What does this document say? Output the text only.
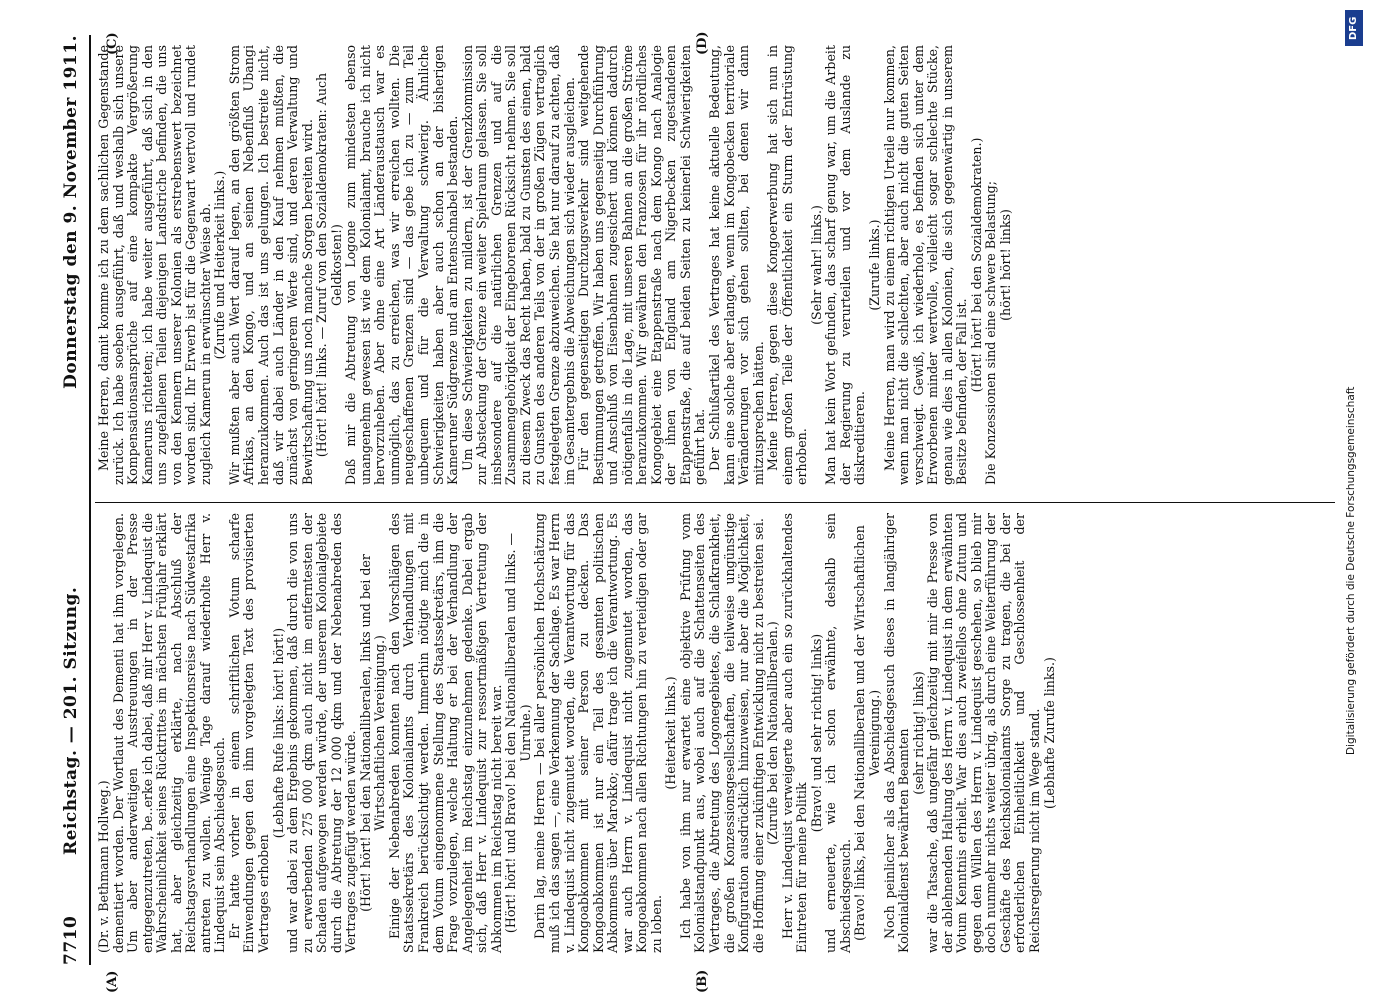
7710
Reichstag. — 201. Sitzung.
Donnerstag den 9. November 1911.
(A)	(B)
(C)	(D)

(Dr. v. Bethmann Hollweg.) dementiert worden. Der Wortlaut des Dementi hat ihm vorgelegen. Um aber anderweitigen Ausstreuungen in der Presse entgegenzutreten, be..erke ich dabei, daß mir Herr v. Lindequist die Wahrscheinlichkeit seines Rücktrittes im nächsten Frühjahr erklärt hat, aber gleichzeitig erklärte, nach Abschluß der Reichstagsverhandlungen eine Inspektionsreise nach Südwestafrika antreten zu wollen. Wenige Tage darauf wiederholte Herr v. Lindequist sein Abschiedsgesuch. Er hatte vorher in einem schriftlichen Votum scharfe Einwendungen gegen den ihm vorgelegten Text des provisierten Vertrages erhoben

(Lebhafte Rufe links: hört! hört!) und war dabei zu dem Ergebnis gekommen, daß durch die von uns zu erwerbenden 275 000 qkm auch nicht im entferntesten der Schaden aufgewogen werden würde, der unserem Kolonialgebiete durch die Abtretung der 12 000 qkm und der Nebenabreden des Vertrages zugefügt werden würde. (Hört! hört! bei den Nationalliberalen, links und bei der Wirtschaftlichen Vereinigung.) Einige der Nebenabreden konnten nach den Vorschlägen des Staatssekretärs des Kolonialamts durch Verhandlungen mit Frankreich berücksichtigt werden. Immerhin nötigte mich die in dem Votum eingenommene Stellung des Staatssekretärs, ihm die Frage vorzulegen, welche Haltung er bei der Verhandlung der Angelegenheit im Reichstag einzunehmen gedenke. Dabei ergab sich, daß Herr v. Lindequist zur ressortmäßigen Vertretung der Abkommen im Reichstag nicht bereit war. (Hört! hört! und Bravo! bei den Nationalliberalen und links. — Unruhe.) Darin lag, meine Herren — bei aller persönlichen Hochschätzung muß ich das sagen —, eine Verkennung der Sachlage. Es war Herrn v. Lindequist nicht zugemutet worden, die Verantwortung für das Kongoabkommen mit seiner Person zu decken. Das Kongoabkommen ist nur ein Teil des gesamten politischen Abkommens über Marokko; dafür trage ich die Verantwortung. Es war auch Herrn v. Lindequist nicht zugemutet worden, das Kongoabkommen nach allen Richtungen hin zu verteidigen oder gar zu loben.

(Heiterkeit links.) Ich habe von ihm nur erwartet eine objektive Prüfung vom Kolonialstandpunkt aus, wobei auch auf die Schattenseiten des Vertrages, die Abtretung des Logonegebietes, die Schlafkrankheit, die großen Konzessionsgesellschaften, die teilweise ungünstige Konfiguration ausdrücklich hinzuweisen, nur aber die Möglichkeit, die Hoffnung einer zukünftigen Entwicklung nicht zu bestreiten sei. (Zurufe bei den Nationalliberalen.) Herr v. Lindequist verweigerte aber auch ein so zurückhaltendes Eintreten für meine Politik

(Bravo! und sehr richtig! links) und erneuerte, wie ich schon erwähnte, deshalb sein Abschiedsgesuch. (Bravo! links, bei den Nationalliberalen und der Wirtschaftlichen Vereinigung.) Noch peinlicher als das Abschiedsgesuch dieses in langjähriger Kolonialdienst bewährten Beamten (sehr richtig! links) war die Tatsache, daß ungefähr gleichzeitig mit mir die Presse von der ablehnenden Haltung des Herrn v. Lindequist in dem erwähnten Votum Kenntnis erhielt. War dies auch zweifellos ohne Zutun und gegen den Willen des Herrn v. Lindequist geschehen, so blieb mir doch nunmehr nichts weiter übrig, als durch eine Weiterführung der Geschäfte des Reichskolonialamts Sorge zu tragen, die bei der erforderlichen Einheitlichkeit und Geschlossenheit der Reichsregierung nicht im Wege stand. (Lebhafte Zurufe links.)

Meine Herren, damit komme ich zu dem sachlichen Gegenstande zurück. Ich habe soeben ausgeführt, daß und weshalb sich unsere Kompensationsansprüche auf eine kompakte Vergrößerung Kameruns richteten; ich habe weiter ausgeführt, daß sich in den uns zugefallenen Teilen diejenigen Landstriche befinden, die uns von den Kennern unserer Kolonien als erstrebenswert bezeichnet worden sind. Ihr Erwerb ist für die Gegenwart wertvoll und rundet zugleich Kamerun in erwünschter Weise ab. (Zurufe und Heiterkeit links.) Wir mußten aber auch Wert darauf legen, an den größten Strom Afrikas, an den Kongo, und an seinen Nebenfluß Ubangi heranzukommen. Auch das ist uns gelungen. Ich bestreite nicht, daß wir dabei auch Länder in den Kauf nehmen mußten, die zunächst von geringerem Werte sind, und deren Verwaltung und Bewirtschaftung uns noch manche Sorgen bereiten wird. (Hört! hört! links. — Zuruf von den Sozialdemokraten: Auch Geldkosten!) Daß mir die Abtretung von Logone zum mindesten ebenso unangenehm gewesen ist wie dem Kolonialamt, brauche ich nicht hervorzuheben. Aber ohne eine Art Länderaustausch war es unmöglich, das zu erreichen, was wir erreichen wollten. Die neugeschaffenen Grenzen sind — das gebe ich zu — zum Teil unbequem und für die Verwaltung schwierig. Ähnliche Schwierigkeiten haben aber auch schon an der bisherigen Kameruner Südgrenze und am Entenschnabel bestanden. Um diese Schwierigkeiten zu mildern, ist der Grenzkommission zur Absteckung der Grenze ein weiter Spielraum gelassen. Sie soll insbesondere auf die natürlichen Grenzen und auf die Zusammengehörigkeit der Eingeborenen Rücksicht nehmen. Sie soll zu diesem Zweck das Recht haben, bald zu Gunsten des einen, bald zu Gunsten des anderen Teils von der in großen Zügen vertraglich festgelegten Grenze abzuweichen. Sie hat nur darauf zu achten, daß im Gesamtergebnis die Abweichungen sich wieder ausgleichen. Für den gegenseitigen Durchzugsverkehr sind weitgehende Bestimmungen getroffen. Wir haben uns gegenseitig Durchführung und Anschluß von Eisenbahnen zugesichert und können dadurch nötigenfalls in die Lage, mit unseren Bahnen an die großen Ströme heranzukommen. Wir gewähren den Franzosen für ihr nördliches Kongogebiet eine Etappenstraße nach dem Kongo nach Analogie der ihnen von England am Nigerbecken zugestandenen Etappenstraße, die auf beiden Seiten zu keinerlei Schwierigkeiten geführt hat. Der Schlußartikel des Vertrages hat keine aktuelle Bedeutung, kann eine solche aber erlangen, wenn im Kongobecken territoriale Veränderungen vor sich gehen sollten, bei denen wir dann mitzusprechen hätten. Meine Herren, gegen diese Kongoerwerbung hat sich nun in einem großen Teile der Öffentlichkeit ein Sturm der Entrüstung erhoben.

(Sehr wahr! links.) Man hat kein Wort gefunden, das scharf genug war, um die Arbeit der Regierung zu verurteilen und vor dem Auslande zu diskreditieren.

(Zurufe links.) Meine Herren, man wird zu einem richtigen Urteile nur kommen, wenn man nicht die schlechten, aber auch nicht die guten Seiten verschweigt. Gewiß, ich wiederhole, es befinden sich unter dem Erworbenen minder wertvolle, vielleicht sogar schlechte Stücke, genau wie dies in allen Kolonien, die sich gegenwärtig in unserem Besitze befinden, der Fall ist. (Hört! hört! bei den Sozialdemokraten.) Die Konzessionen sind eine schwere Belastung; (hört! hört! links)

DFG
Digitalisierung gefördert durch die Deutsche Forschungsgemeinschaft
